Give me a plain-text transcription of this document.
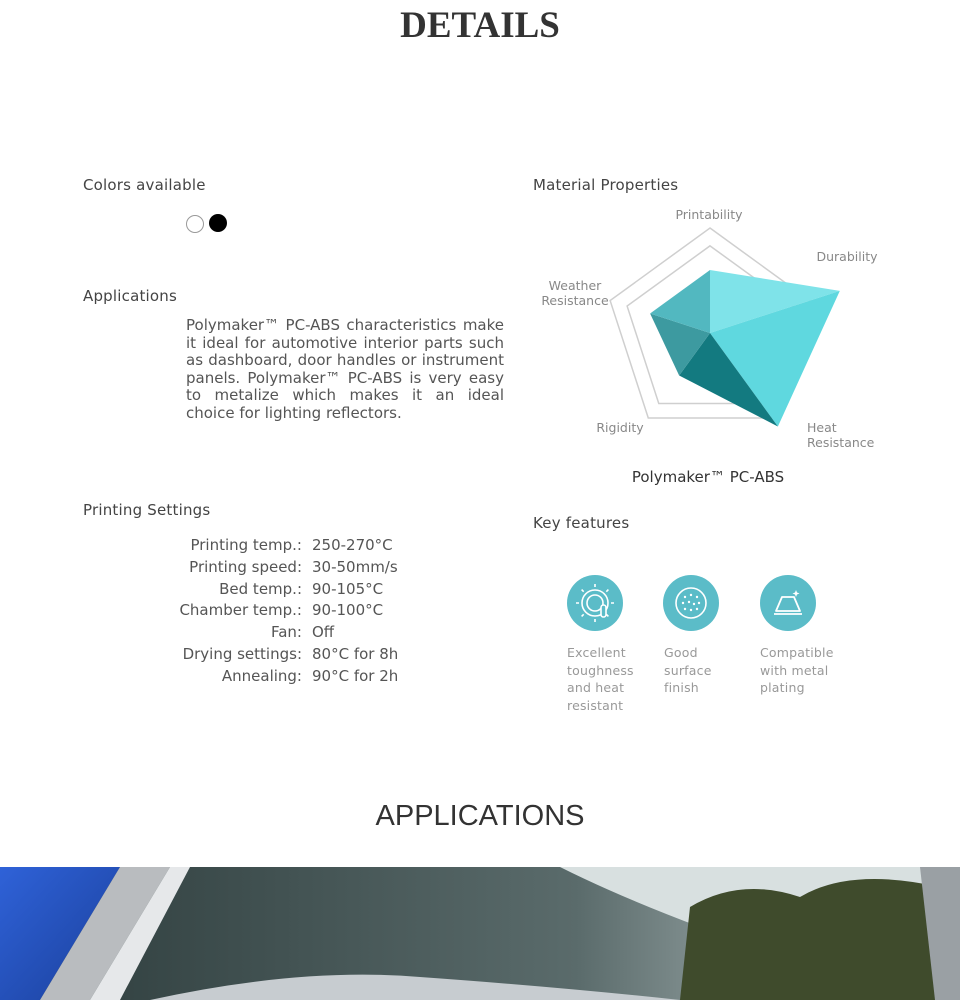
DETAILS
Colors available
Applications
Polymaker™ PC-ABS characteristics make it ideal for automotive interior parts such as dashboard, door handles or instrument panels. Polymaker™ PC-ABS is very easy to metalize which makes it an ideal choice for lighting reflectors.
Printing Settings
Printing temp.: 250-270°C
Printing speed: 30-50mm/s
Bed temp.: 90-105°C
Chamber temp.: 90-100°C
Fan: Off
Drying settings: 80°C for 8h
Annealing: 90°C for 2h
Material Properties
Printability
Durability
Heat
Resistance
Rigidity
Weather
Resistance
Polymaker™ PC-ABS
Key features
Excellent
toughness
and heat
resistant
Good
surface
finish
Compatible
with metal
plating
APPLICATIONS
